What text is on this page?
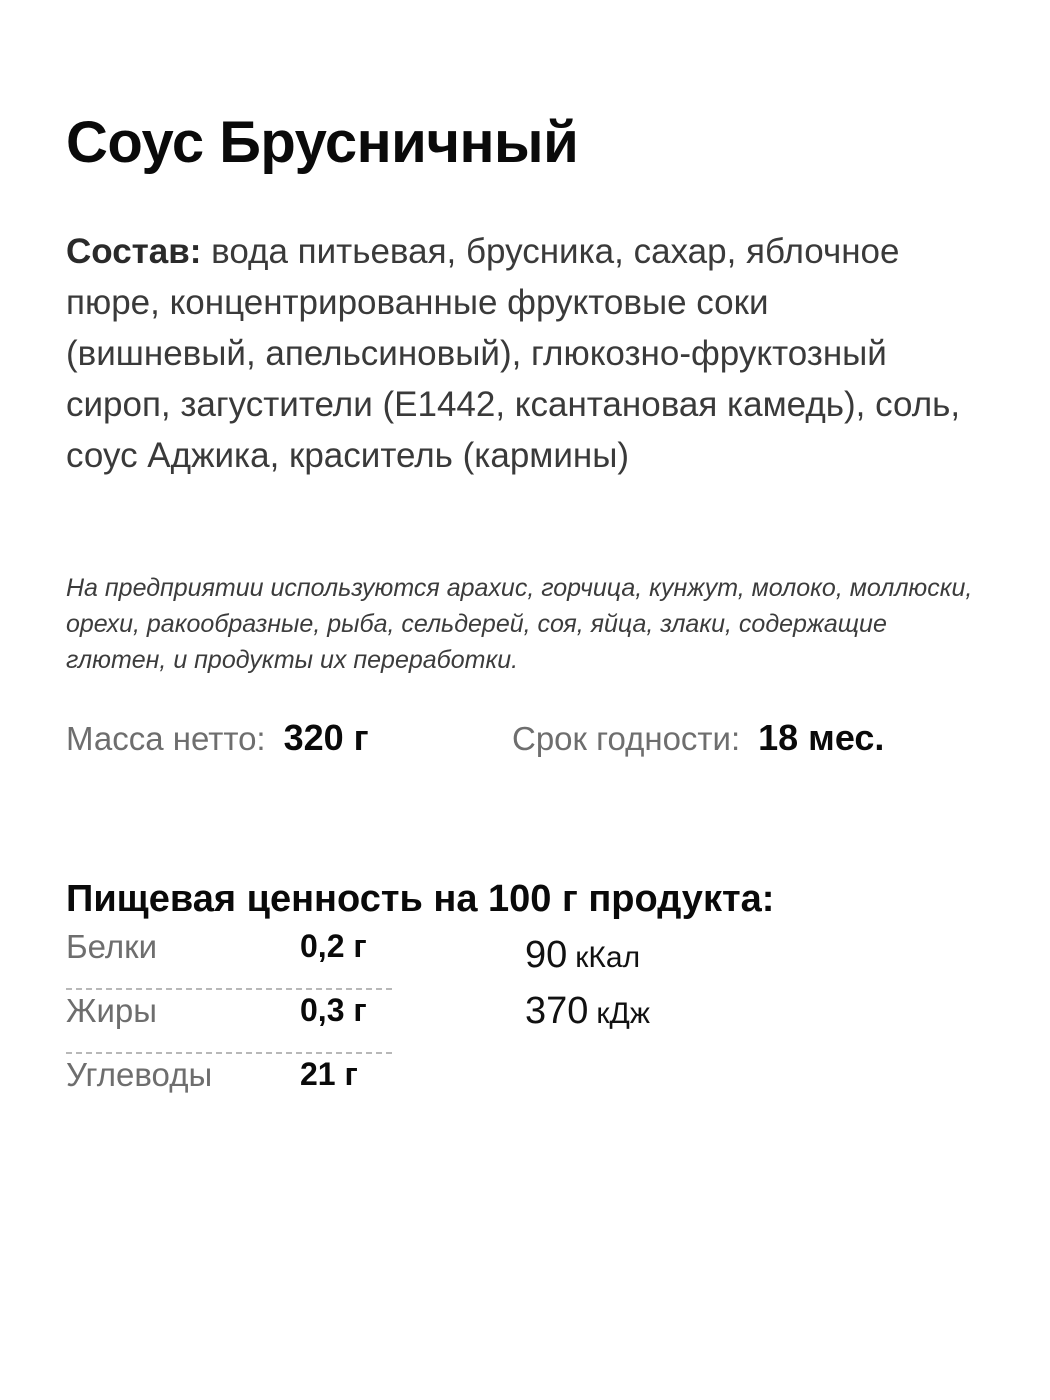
Соус Брусничный
Состав: вода питьевая, брусника, сахар, яблочное пюре, концентрированные фруктовые соки (вишневый, апельсиновый), глюкозно-фруктозный сироп, загустители (Е1442, ксантановая камедь), соль, соус Аджика, краситель (кармины)
На предприятии используются арахис, горчица, кунжут, молоко, моллюски, орехи, ракообразные, рыба, сельдерей, соя, яйца, злаки, содержащие глютен, и продукты их переработки.
Масса нетто: 320 г	Срок годности: 18 мес.
Пищевая ценность на 100 г продукта:
Белки	0,2 г
Жиры	0,3 г
Углеводы	21 г
90 кКал
370 кДж
